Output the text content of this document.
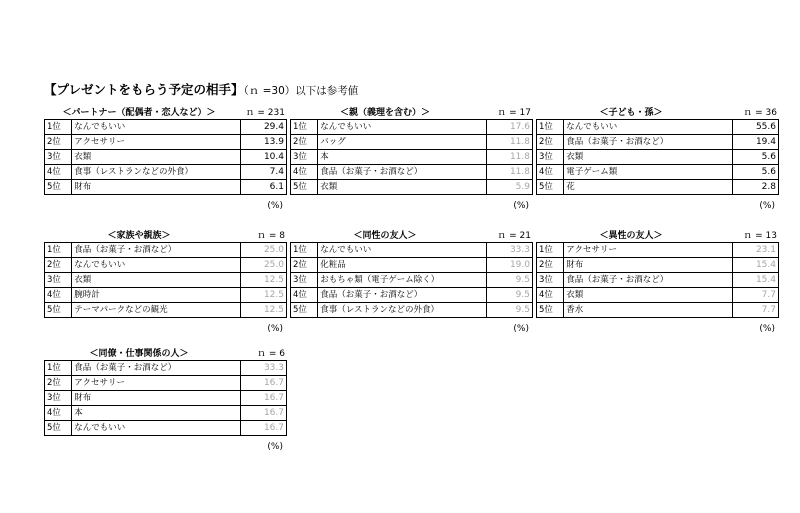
【プレゼントをもらう予定の相手】（ｎ =30）以下は参考値
＜パートナー（配偶者・恋人など）＞	ｎ = 231
1位	なんでもいい	29.4
2位	アクセサリー	13.9
3位	衣類	10.4
4位	食事（レストランなどの外食）	7.4
5位	財布	6.1
(%)
＜親（義理を含む）＞	ｎ = 17
1位	なんでもいい	17.6
2位	バッグ	11.8
3位	本	11.8
4位	食品（お菓子・お酒など）	11.8
5位	衣類	5.9
(%)
＜子ども・孫＞	ｎ = 36
1位	なんでもいい	55.6
2位	食品（お菓子・お酒など）	19.4
3位	衣類	5.6
4位	電子ゲーム類	5.6
5位	花	2.8
(%)
＜家族や親族＞	ｎ = 8
1位	食品（お菓子・お酒など）	25.0
2位	なんでもいい	25.0
3位	衣類	12.5
4位	腕時計	12.5
5位	テーマパークなどの観光	12.5
(%)
＜同性の友人＞	ｎ = 21
1位	なんでもいい	33.3
2位	化粧品	19.0
3位	おもちゃ類（電子ゲーム除く）	9.5
4位	食品（お菓子・お酒など）	9.5
5位	食事（レストランなどの外食）	9.5
(%)
＜異性の友人＞	ｎ = 13
1位	アクセサリー	23.1
2位	財布	15.4
3位	食品（お菓子・お酒など）	15.4
4位	衣類	7.7
5位	香水	7.7
(%)
＜同僚・仕事関係の人＞	ｎ = 6
1位	食品（お菓子・お酒など）	33.3
2位	アクセサリー	16.7
3位	財布	16.7
4位	本	16.7
5位	なんでもいい	16.7
(%)
